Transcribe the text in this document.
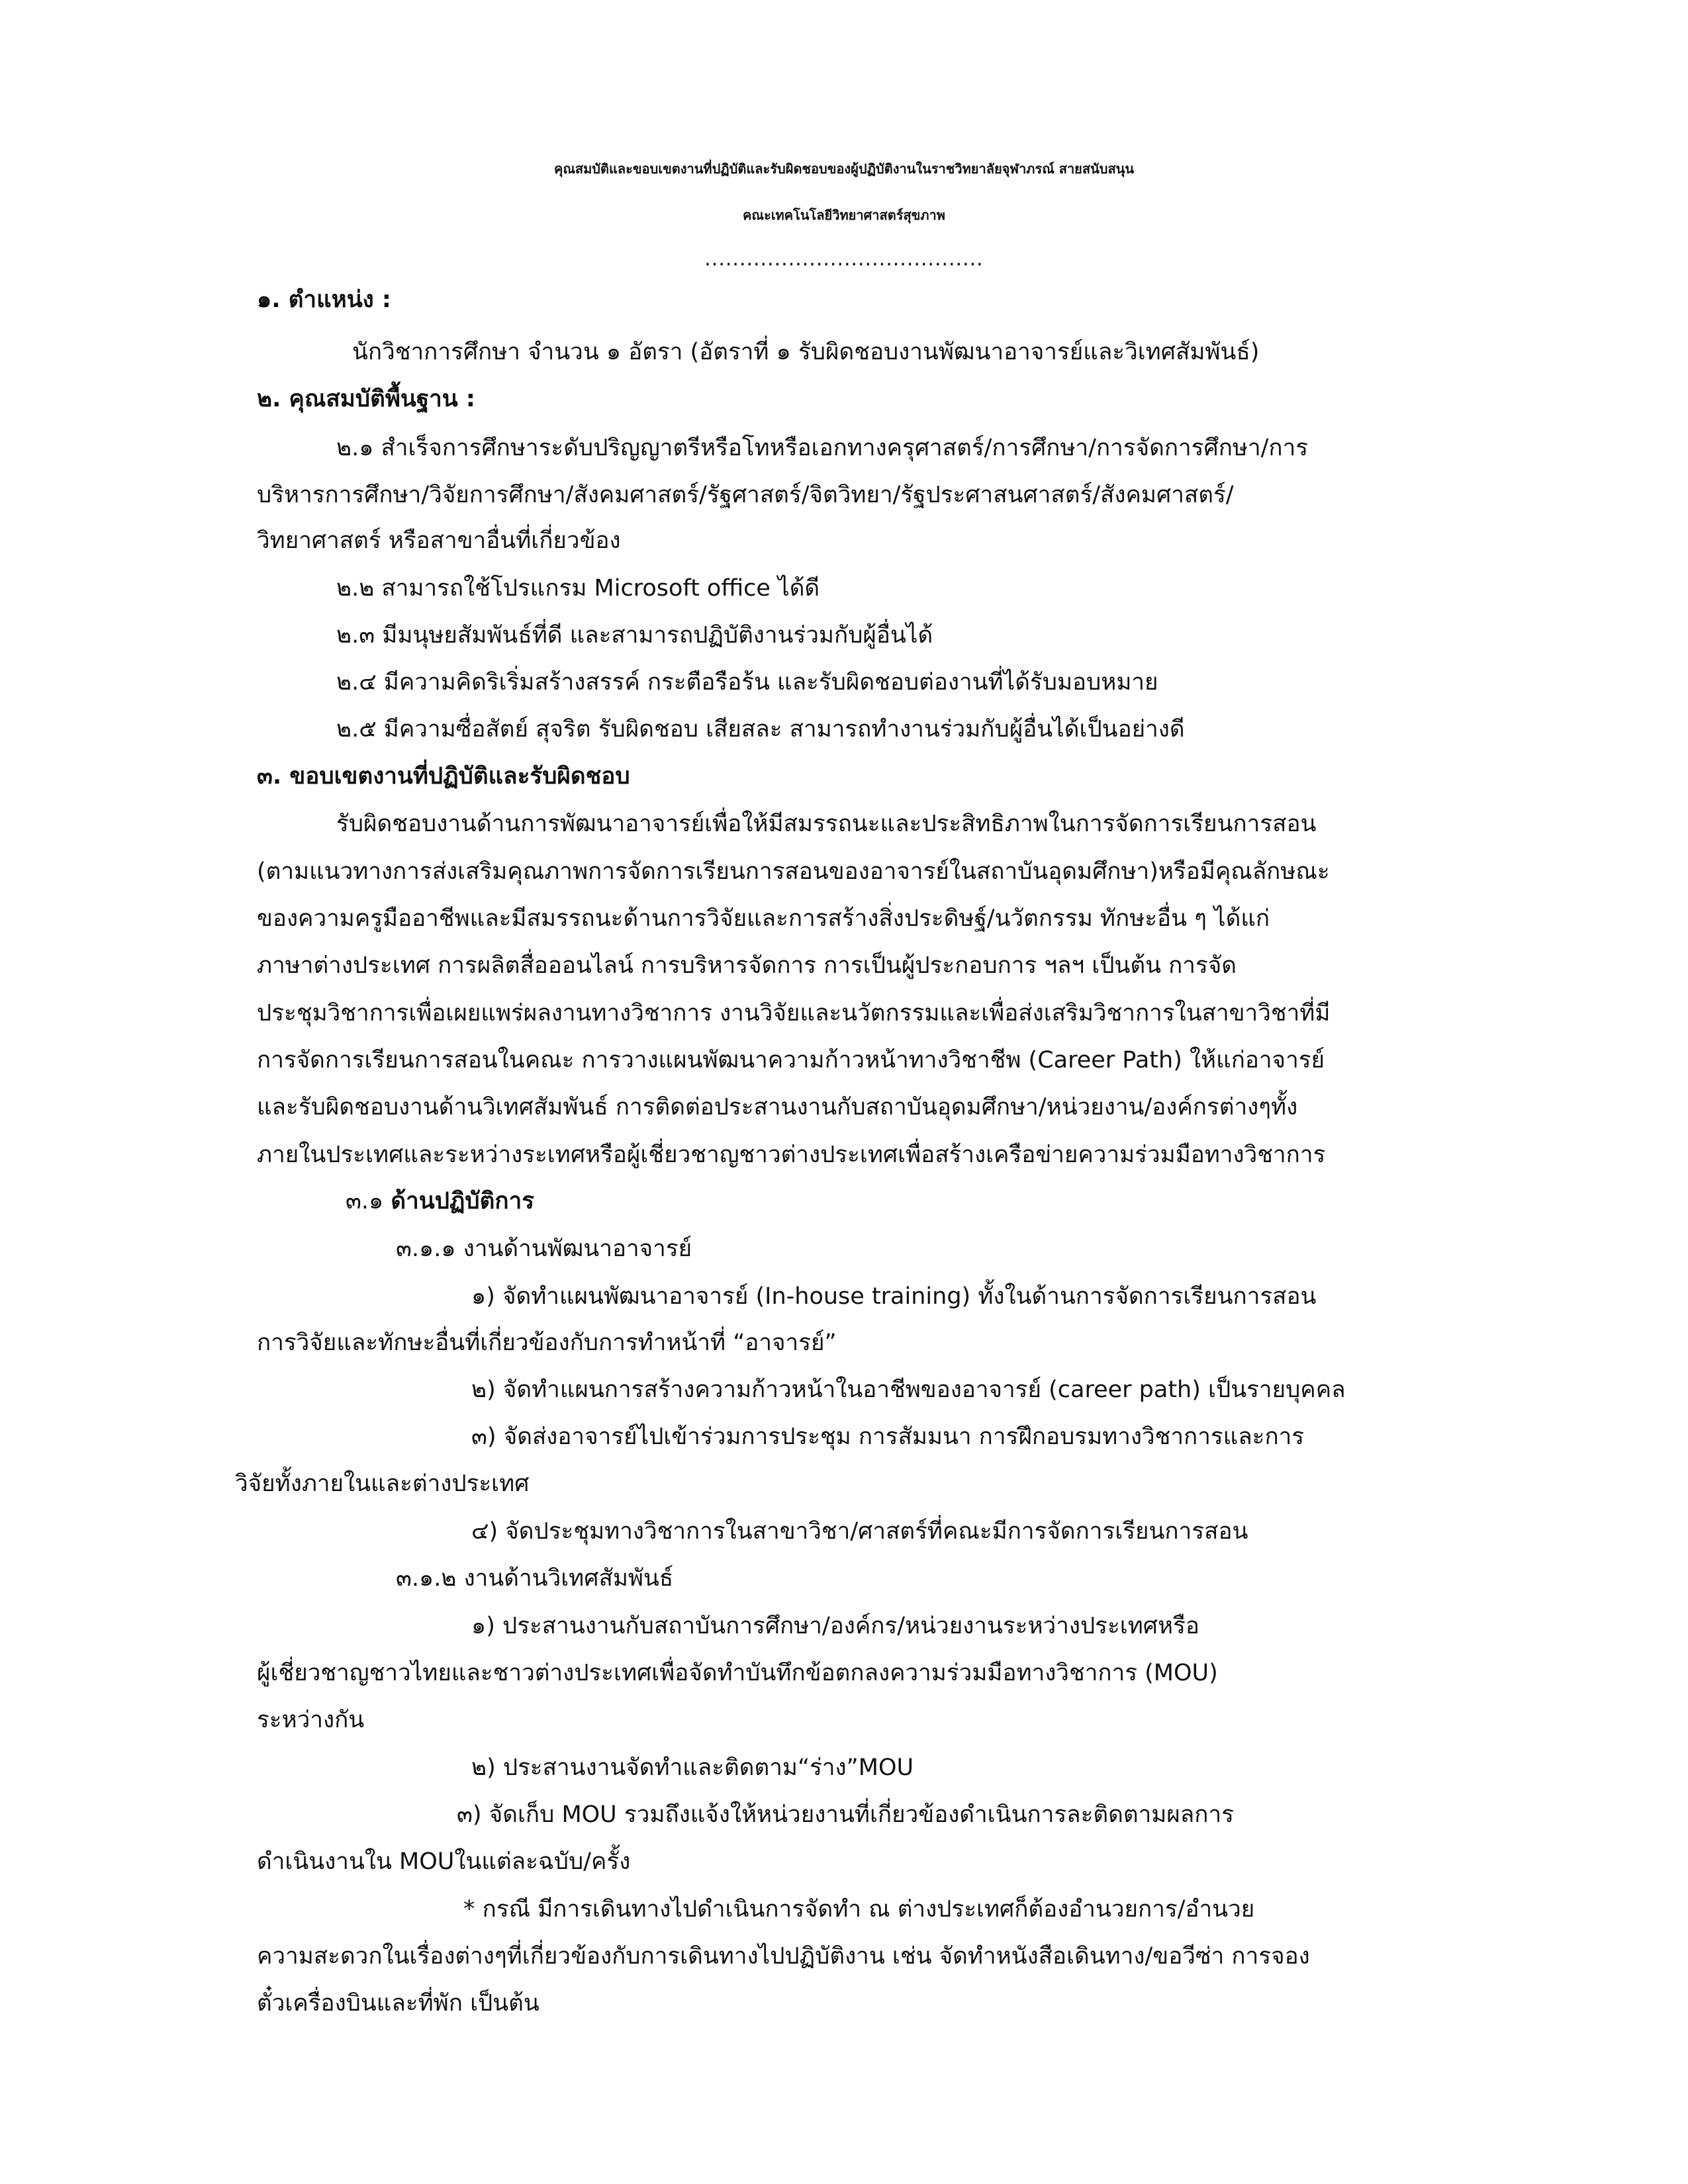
คุณสมบัติและขอบเขตงานที่ปฏิบัติและรับผิดชอบของผู้ปฏิบัติงานในราชวิทยาลัยจุฬาภรณ์ สายสนับสนุน
คณะเทคโนโลยีวิทยาศาสตร์สุขภาพ
........................................
๑. ตำแหน่ง :
นักวิชาการศึกษา จำนวน ๑ อัตรา (อัตราที่ ๑ รับผิดชอบงานพัฒนาอาจารย์และวิเทศสัมพันธ์)
๒. คุณสมบัติพื้นฐาน :
๒.๑ สำเร็จการศึกษาระดับปริญญาตรีหรือโทหรือเอกทางครุศาสตร์/การศึกษา/การจัดการศึกษา/การ
บริหารการศึกษา/วิจัยการศึกษา/สังคมศาสตร์/รัฐศาสตร์/จิตวิทยา/รัฐประศาสนศาสตร์/สังคมศาสตร์/
วิทยาศาสตร์ หรือสาขาอื่นที่เกี่ยวข้อง
๒.๒ สามารถใช้โปรแกรม Microsoft office ได้ดี
๒.๓ มีมนุษยสัมพันธ์ที่ดี และสามารถปฏิบัติงานร่วมกับผู้อื่นได้
๒.๔ มีความคิดริเริ่มสร้างสรรค์ กระตือรือร้น และรับผิดชอบต่องานที่ได้รับมอบหมาย
๒.๕ มีความซื่อสัตย์ สุจริต รับผิดชอบ เสียสละ สามารถทำงานร่วมกับผู้อื่นได้เป็นอย่างดี
๓. ขอบเขตงานที่ปฏิบัติและรับผิดชอบ
รับผิดชอบงานด้านการพัฒนาอาจารย์เพื่อให้มีสมรรถนะและประสิทธิภาพในการจัดการเรียนการสอน
(ตามแนวทางการส่งเสริมคุณภาพการจัดการเรียนการสอนของอาจารย์ในสถาบันอุดมศึกษา)หรือมีคุณลักษณะ
ของความครูมืออาชีพและมีสมรรถนะด้านการวิจัยและการสร้างสิ่งประดิษฐ์/นวัตกรรม ทักษะอื่น ๆ ได้แก่
ภาษาต่างประเทศ การผลิตสื่อออนไลน์ การบริหารจัดการ การเป็นผู้ประกอบการ ฯลฯ เป็นต้น การจัด
ประชุมวิชาการเพื่อเผยแพร่ผลงานทางวิชาการ งานวิจัยและนวัตกรรมและเพื่อส่งเสริมวิชาการในสาขาวิชาที่มี
การจัดการเรียนการสอนในคณะ การวางแผนพัฒนาความก้าวหน้าทางวิชาชีพ (Career Path) ให้แก่อาจารย์
และรับผิดชอบงานด้านวิเทศสัมพันธ์ การติดต่อประสานงานกับสถาบันอุดมศึกษา/หน่วยงาน/องค์กรต่างๆทั้ง
ภายในประเทศและระหว่างระเทศหรือผู้เชี่ยวชาญชาวต่างประเทศเพื่อสร้างเครือข่ายความร่วมมือทางวิชาการ
๓.๑ ด้านปฏิบัติการ
๓.๑.๑ งานด้านพัฒนาอาจารย์
๑) จัดทำแผนพัฒนาอาจารย์ (In-house training) ทั้งในด้านการจัดการเรียนการสอน
การวิจัยและทักษะอื่นที่เกี่ยวข้องกับการทำหน้าที่ “อาจารย์”
๒) จัดทำแผนการสร้างความก้าวหน้าในอาชีพของอาจารย์ (career path) เป็นรายบุคคล
๓) จัดส่งอาจารย์ไปเข้าร่วมการประชุม การสัมมนา การฝึกอบรมทางวิชาการและการ
วิจัยทั้งภายในและต่างประเทศ
๔) จัดประชุมทางวิชาการในสาขาวิชา/ศาสตร์ที่คณะมีการจัดการเรียนการสอน
๓.๑.๒ งานด้านวิเทศสัมพันธ์
๑) ประสานงานกับสถาบันการศึกษา/องค์กร/หน่วยงานระหว่างประเทศหรือ
ผู้เชี่ยวชาญชาวไทยและชาวต่างประเทศเพื่อจัดทำบันทึกข้อตกลงความร่วมมือทางวิชาการ (MOU)
ระหว่างกัน
๒) ประสานงานจัดทำและติดตาม“ร่าง”MOU
๓) จัดเก็บ MOU รวมถึงแจ้งให้หน่วยงานที่เกี่ยวข้องดำเนินการละติดตามผลการ
ดำเนินงานใน MOUในแต่ละฉบับ/ครั้ง
* กรณี มีการเดินทางไปดำเนินการจัดทำ ณ ต่างประเทศก็ต้องอำนวยการ/อำนวย
ความสะดวกในเรื่องต่างๆที่เกี่ยวข้องกับการเดินทางไปปฏิบัติงาน เช่น จัดทำหนังสือเดินทาง/ขอวีซ่า การจอง
ตั๋วเครื่องบินและที่พัก เป็นต้น
